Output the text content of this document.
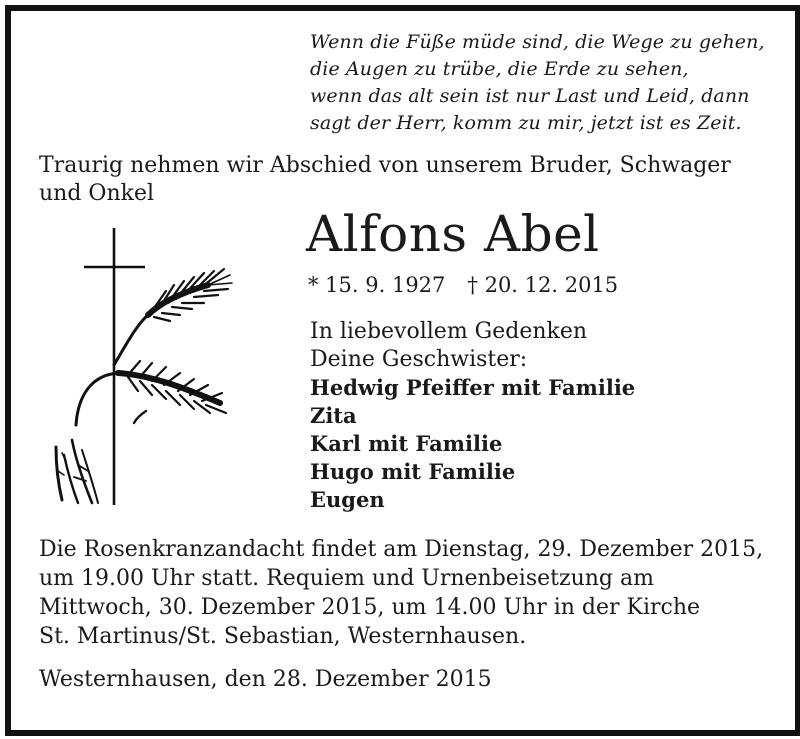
Wenn die Füße müde sind, die Wege zu gehen,
die Augen zu trübe, die Erde zu sehen,
wenn das alt sein ist nur Last und Leid, dann
sagt der Herr, komm zu mir, jetzt ist es Zeit.
Traurig nehmen wir Abschied von unserem Bruder, Schwager und Onkel
Alfons Abel
* 15. 9. 1927 † 20. 12. 2015
In liebevollem Gedenken
Deine Geschwister:
Hedwig Pfeiffer mit Familie
Zita
Karl mit Familie
Hugo mit Familie
Eugen
Die Rosenkranzandacht findet am Dienstag, 29. Dezember 2015,
um 19.00 Uhr statt. Requiem und Urnenbeisetzung am
Mittwoch, 30. Dezember 2015, um 14.00 Uhr in der Kirche
St. Martinus/St. Sebastian, Westernhausen.
Westernhausen, den 28. Dezember 2015
